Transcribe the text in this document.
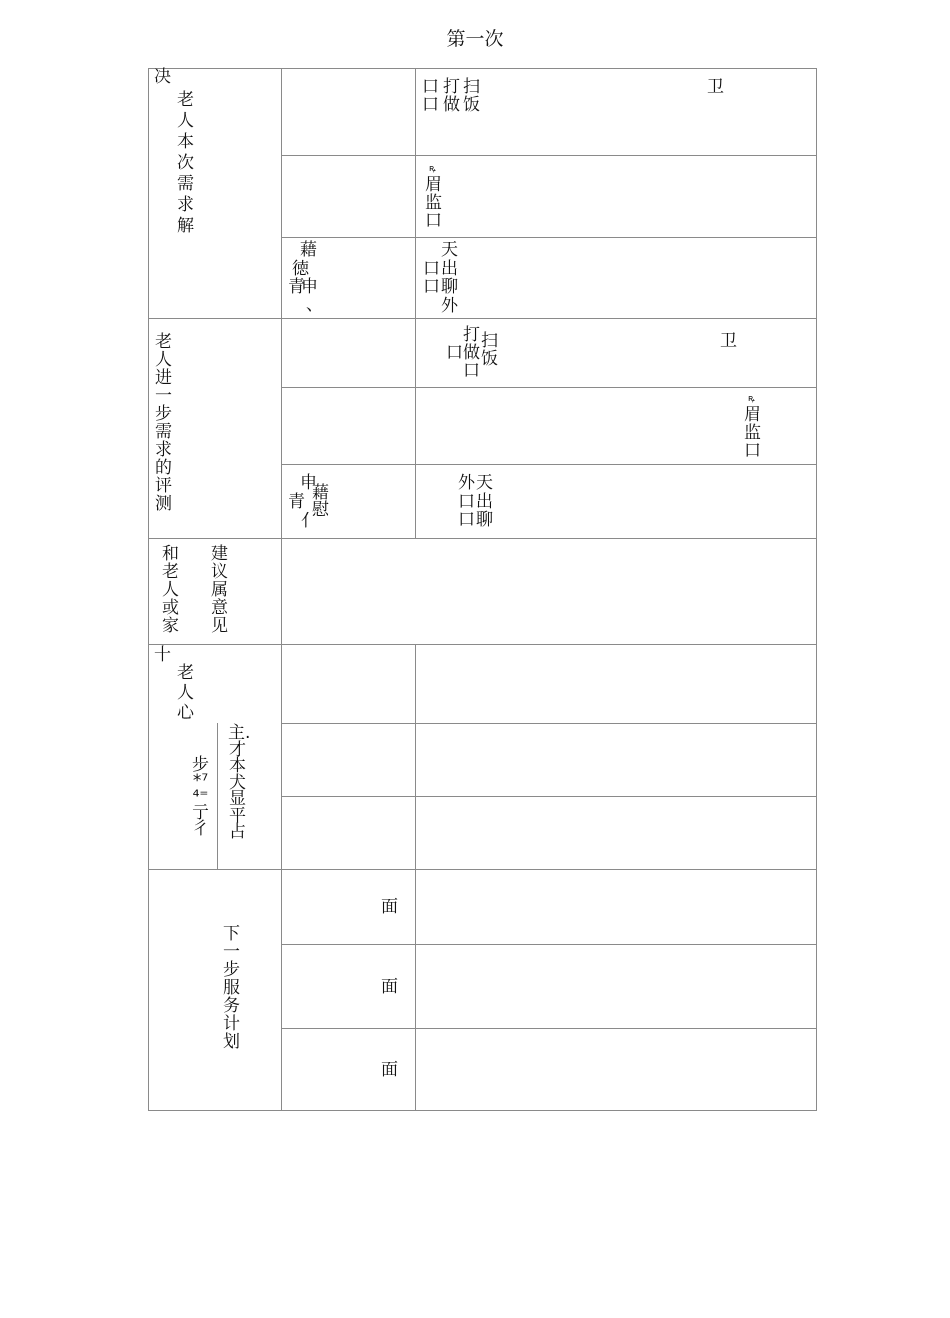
第一次
决
老人本次需求解
口
打
做
扫
饭
口	卫
ꝶ
眉监口
藉
徳
青
申
、
天
口 出
口 聊
外
老人进一步需求的评测
打 扫
口 做 饭
口
卫
ꝶ
眉监口
申
青 藉
慰
亻
外 天
口 出
口 聊
和老人或家
建议属意见
十
老人心
步*⁷⁴⁼亍彳
主.才本犬显平占
下一步服务计划
面
面
面
